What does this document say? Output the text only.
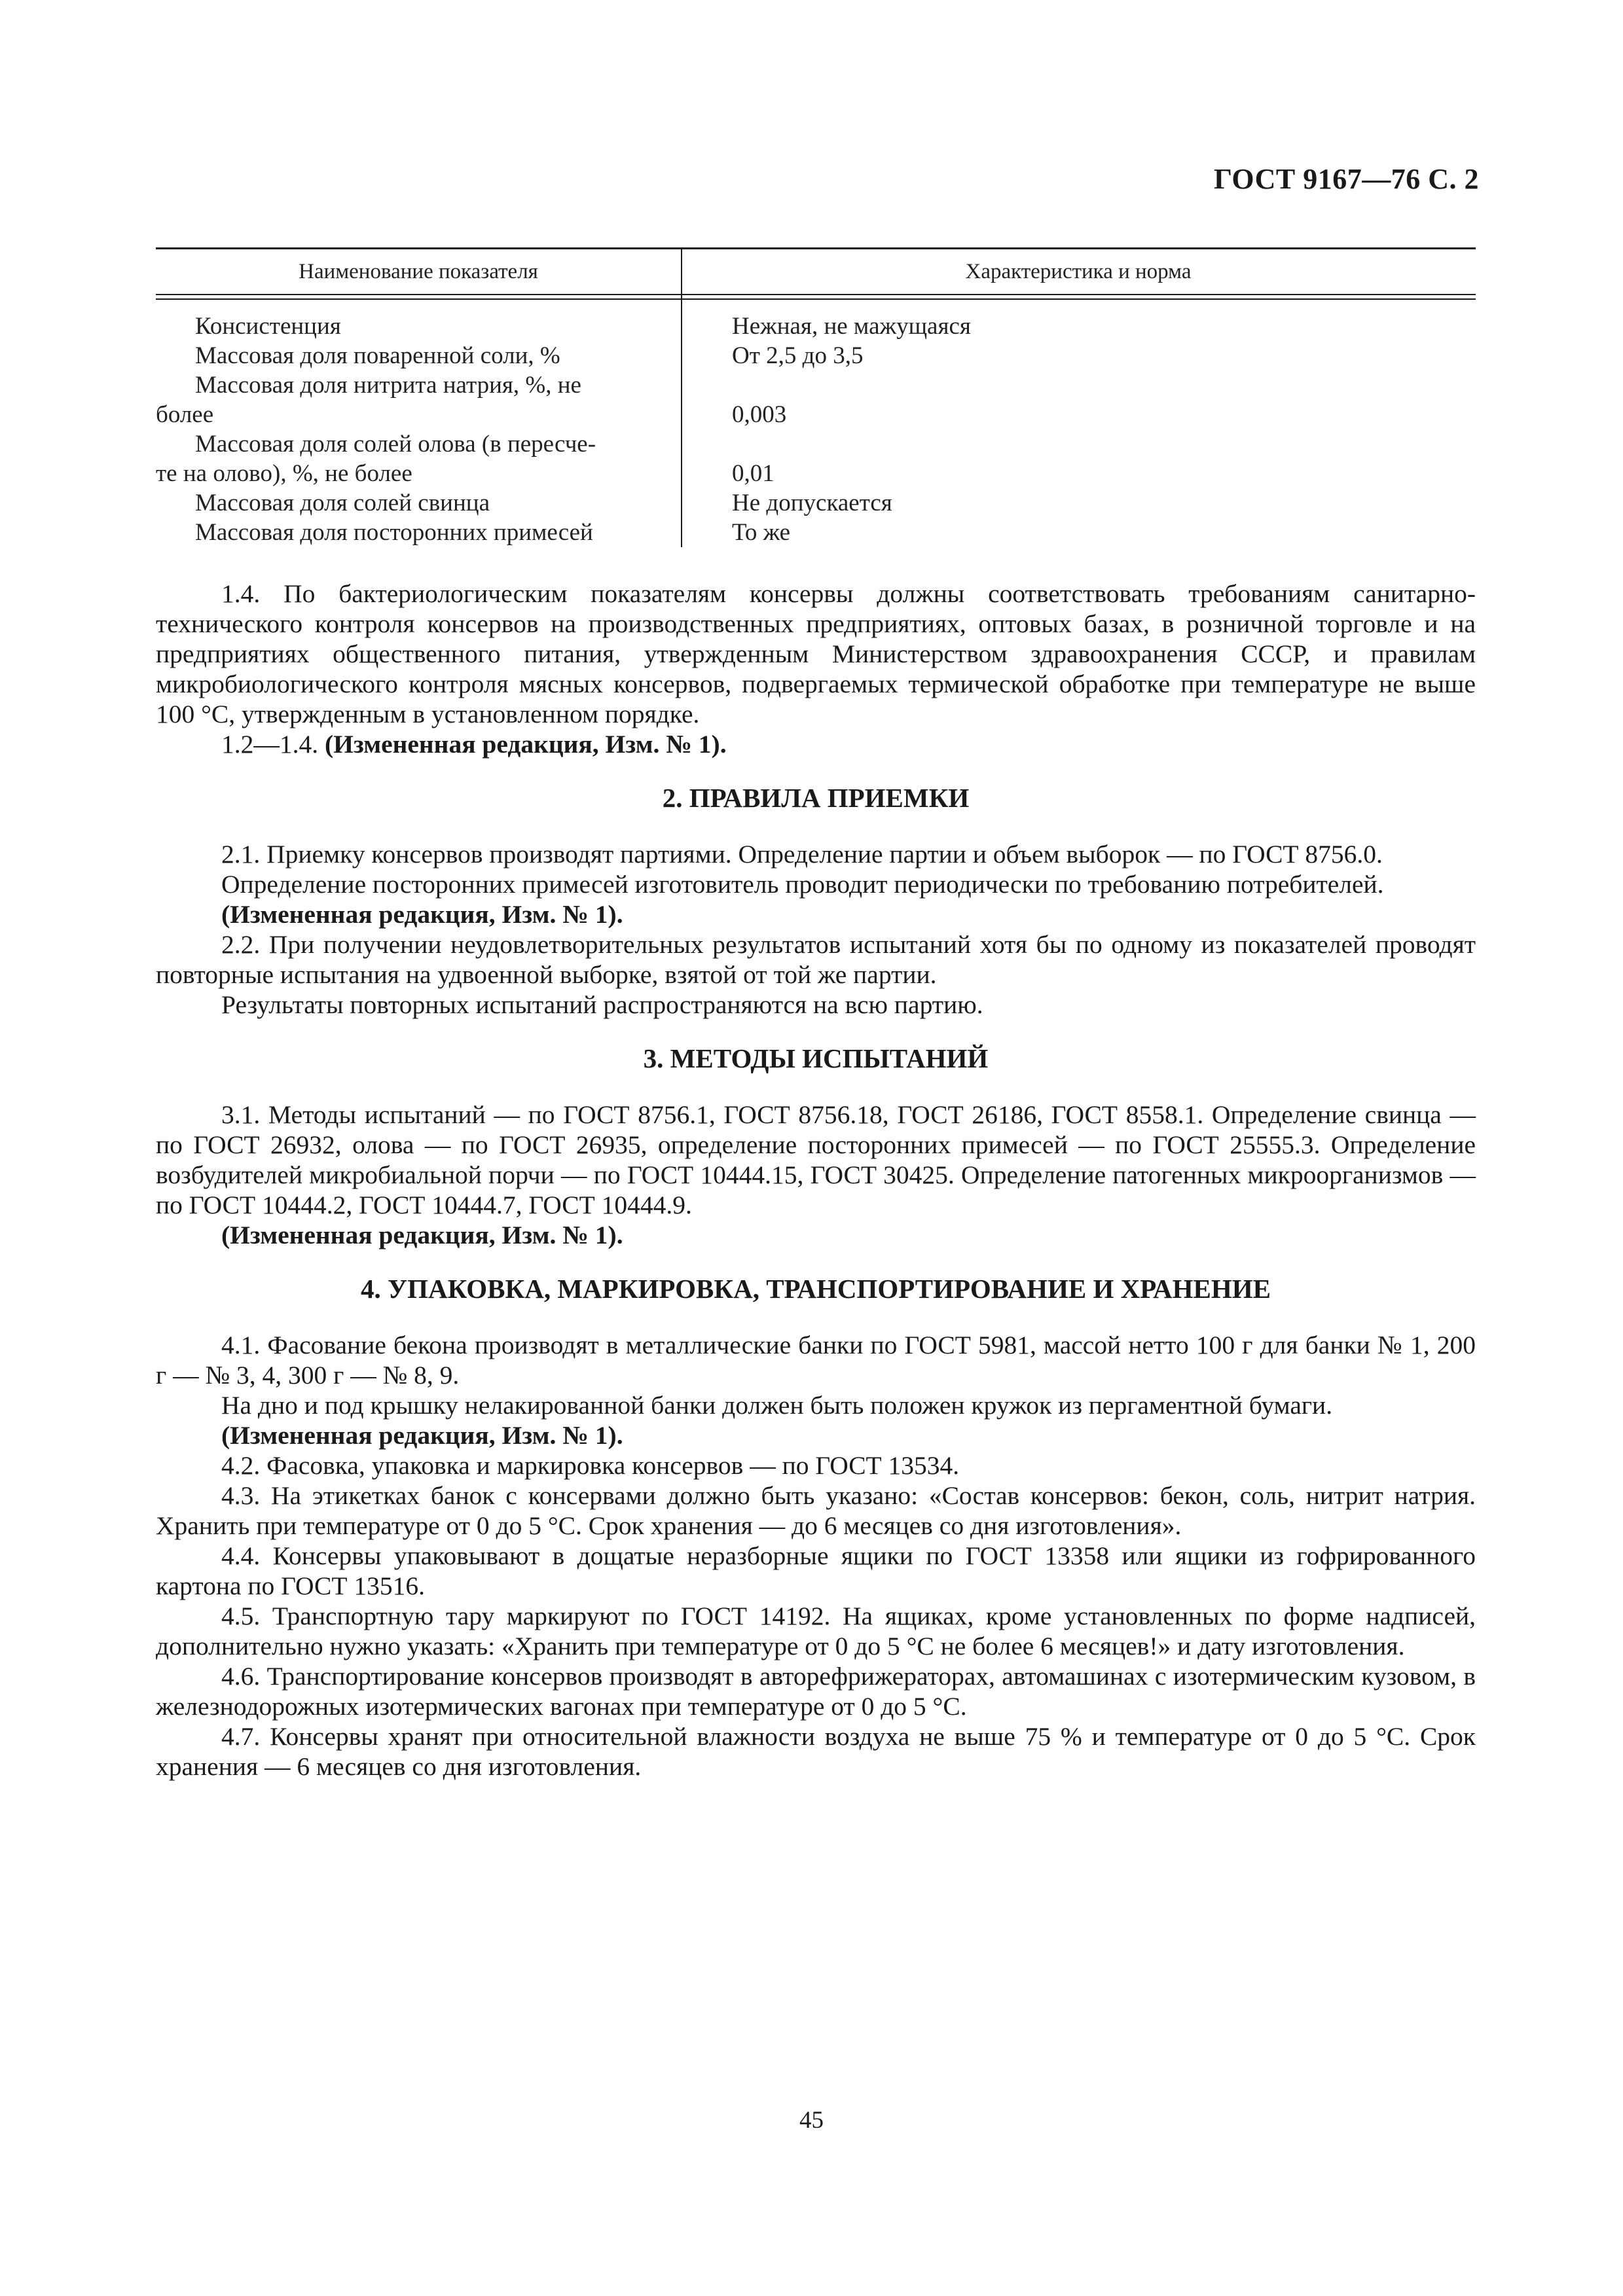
ГОСТ 9167—76 С. 2
Наименование показателя	Характеристика и норма
Консистенция
Массовая доля поваренной соли, %
Массовая доля нитрита натрия, %, не
более
Массовая доля солей олова (в пересче-
те на олово), %, не более
Массовая доля солей свинца
Массовая доля посторонних примесей
Нежная, не мажущаяся
От 2,5 до 3,5
0,003
0,01
Не допускается
То же

1.4. По бактериологическим показателям консервы должны соответствовать требованиям санитарно-технического контроля консервов на производственных предприятиях, оптовых базах, в розничной торговле и на предприятиях общественного питания, утвержденным Министерством здравоохранения СССР, и правилам микробиологического контроля мясных консервов, подвергаемых термической обработке при температуре не выше 100 °С, утвержденным в установленном порядке.

1.2—1.4. (Измененная редакция, Изм. № 1).

2. ПРАВИЛА ПРИЕМКИ

2.1. Приемку консервов производят партиями. Определение партии и объем выборок — по ГОСТ 8756.0.

Определение посторонних примесей изготовитель проводит периодически по требованию потребителей.

(Измененная редакция, Изм. № 1).

2.2. При получении неудовлетворительных результатов испытаний хотя бы по одному из показателей проводят повторные испытания на удвоенной выборке, взятой от той же партии.

Результаты повторных испытаний распространяются на всю партию.

3. МЕТОДЫ ИСПЫТАНИЙ

3.1. Методы испытаний — по ГОСТ 8756.1, ГОСТ 8756.18, ГОСТ 26186, ГОСТ 8558.1. Определение свинца — по ГОСТ 26932, олова — по ГОСТ 26935, определение посторонних примесей — по ГОСТ 25555.3. Определение возбудителей микробиальной порчи — по ГОСТ 10444.15, ГОСТ 30425. Определение патогенных микроорганизмов — по ГОСТ 10444.2, ГОСТ 10444.7, ГОСТ 10444.9.

(Измененная редакция, Изм. № 1).

4. УПАКОВКА, МАРКИРОВКА, ТРАНСПОРТИРОВАНИЕ И ХРАНЕНИЕ

4.1. Фасование бекона производят в металлические банки по ГОСТ 5981, массой нетто 100 г для банки № 1, 200 г — № 3, 4, 300 г — № 8, 9.

На дно и под крышку нелакированной банки должен быть положен кружок из пергаментной бумаги.

(Измененная редакция, Изм. № 1).

4.2. Фасовка, упаковка и маркировка консервов — по ГОСТ 13534.

4.3. На этикетках банок с консервами должно быть указано: «Состав консервов: бекон, соль, нитрит натрия. Хранить при температуре от 0 до 5 °С. Срок хранения — до 6 месяцев со дня изготовления».

4.4. Консервы упаковывают в дощатые неразборные ящики по ГОСТ 13358 или ящики из гофрированного картона по ГОСТ 13516.

4.5. Транспортную тару маркируют по ГОСТ 14192. На ящиках, кроме установленных по форме надписей, дополнительно нужно указать: «Хранить при температуре от 0 до 5 °С не более 6 месяцев!» и дату изготовления.

4.6. Транспортирование консервов производят в авторефрижераторах, автомашинах с изотермическим кузовом, в железнодорожных изотермических вагонах при температуре от 0 до 5 °С.

4.7. Консервы хранят при относительной влажности воздуха не выше 75 % и температуре от 0 до 5 °С. Срок хранения — 6 месяцев со дня изготовления.

45
